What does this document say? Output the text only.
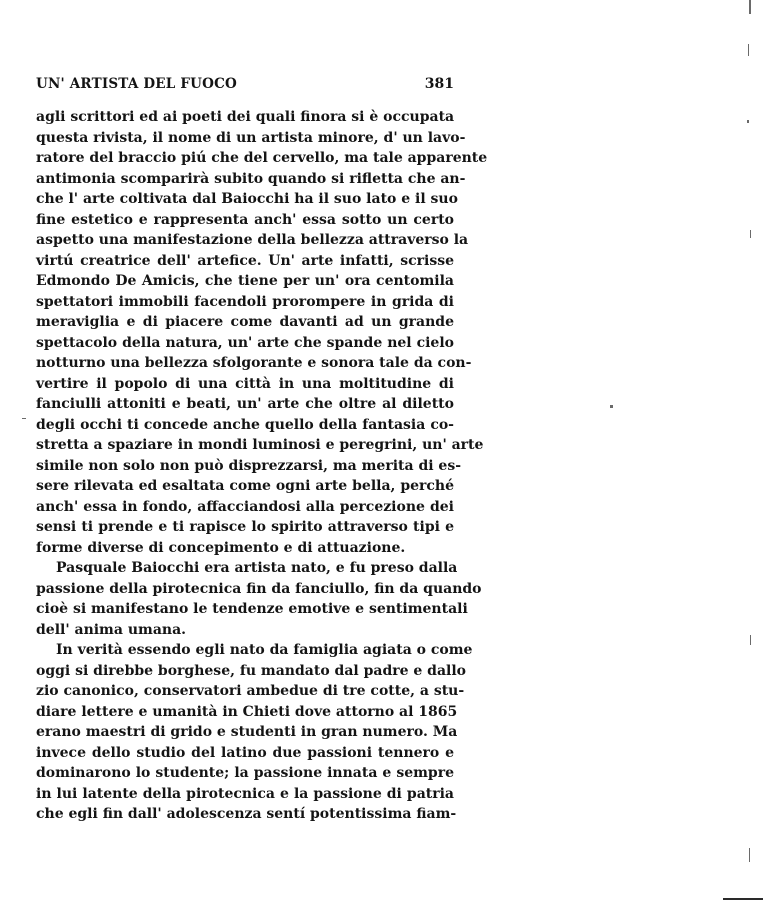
UN' ARTISTA DEL FUOCO	381
agli scrittori ed ai poeti dei quali finora si è occupata
questa rivista, il nome di un artista minore, d' un lavo-
ratore del braccio piú che del cervello, ma tale apparente
antimonia scomparirà subito quando si rifletta che an-
che l' arte coltivata dal Baiocchi ha il suo lato e il suo
fine estetico e rappresenta anch' essa sotto un certo
aspetto una manifestazione della bellezza attraverso la
virtú creatrice dell' artefice. Un' arte infatti, scrisse
Edmondo De Amicis, che tiene per un' ora centomila
spettatori immobili facendoli prorompere in grida di
meraviglia e di piacere come davanti ad un grande
spettacolo della natura, un' arte che spande nel cielo
notturno una bellezza sfolgorante e sonora tale da con-
vertire il popolo di una città in una moltitudine di
fanciulli attoniti e beati, un' arte che oltre al diletto
degli occhi ti concede anche quello della fantasia co-
stretta a spaziare in mondi luminosi e peregrini, un' arte
simile non solo non può disprezzarsi, ma merita di es-
sere rilevata ed esaltata come ogni arte bella, perché
anch' essa in fondo, affacciandosi alla percezione dei
sensi ti prende e ti rapisce lo spirito attraverso tipi e
forme diverse di concepimento e di attuazione.
Pasquale Baiocchi era artista nato, e fu preso dalla
passione della pirotecnica fin da fanciullo, fin da quando
cioè si manifestano le tendenze emotive e sentimentali
dell' anima umana.
In verità essendo egli nato da famiglia agiata o come
oggi si direbbe borghese, fu mandato dal padre e dallo
zio canonico, conservatori ambedue di tre cotte, a stu-
diare lettere e umanità in Chieti dove attorno al 1865
erano maestri di grido e studenti in gran numero. Ma
invece dello studio del latino due passioni tennero e
dominarono lo studente; la passione innata e sempre
in lui latente della pirotecnica e la passione di patria
che egli fin dall' adolescenza sentí potentissima fiam-
